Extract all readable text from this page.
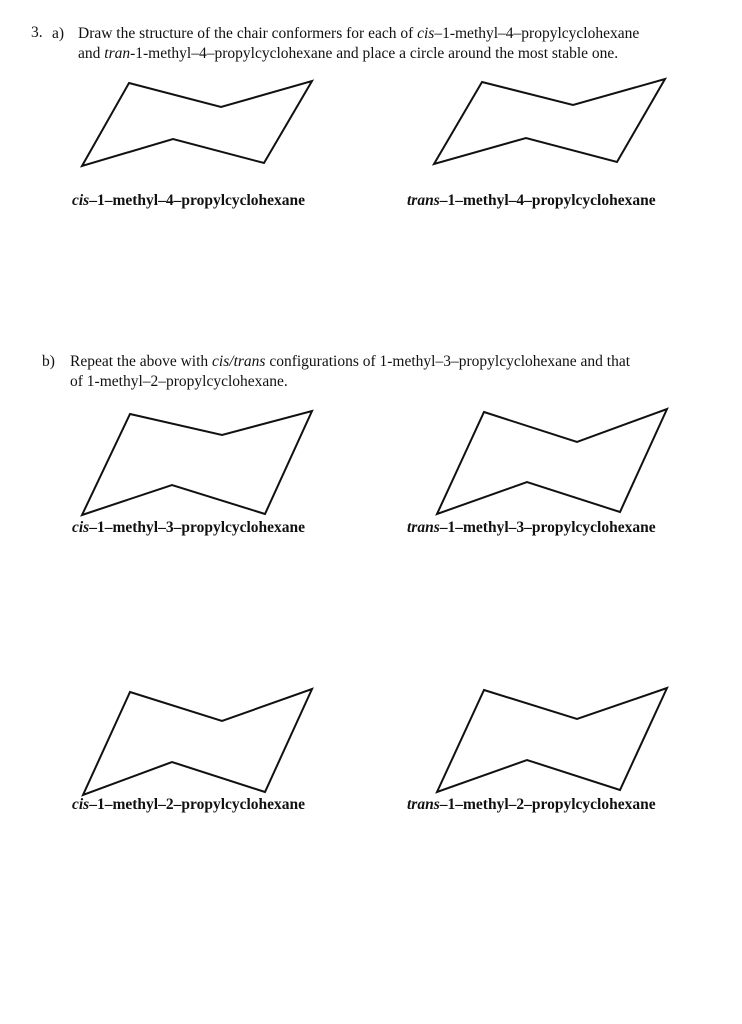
3. a) Draw the structure of the chair conformers for each of cis–1-methyl–4–propylcyclohexane
and tran-1-methyl–4–propylcyclohexane and place a circle around the most stable one.
b) Repeat the above with cis/trans configurations of 1-methyl–3–propylcyclohexane and that
of 1-methyl–2–propylcyclohexane.
cis–1–methyl–4–propylcyclohexane	trans–1–methyl–4–propylcyclohexane
cis–1–methyl–3–propylcyclohexane	trans–1–methyl–3–propylcyclohexane
cis–1–methyl–2–propylcyclohexane	trans–1–methyl–2–propylcyclohexane
